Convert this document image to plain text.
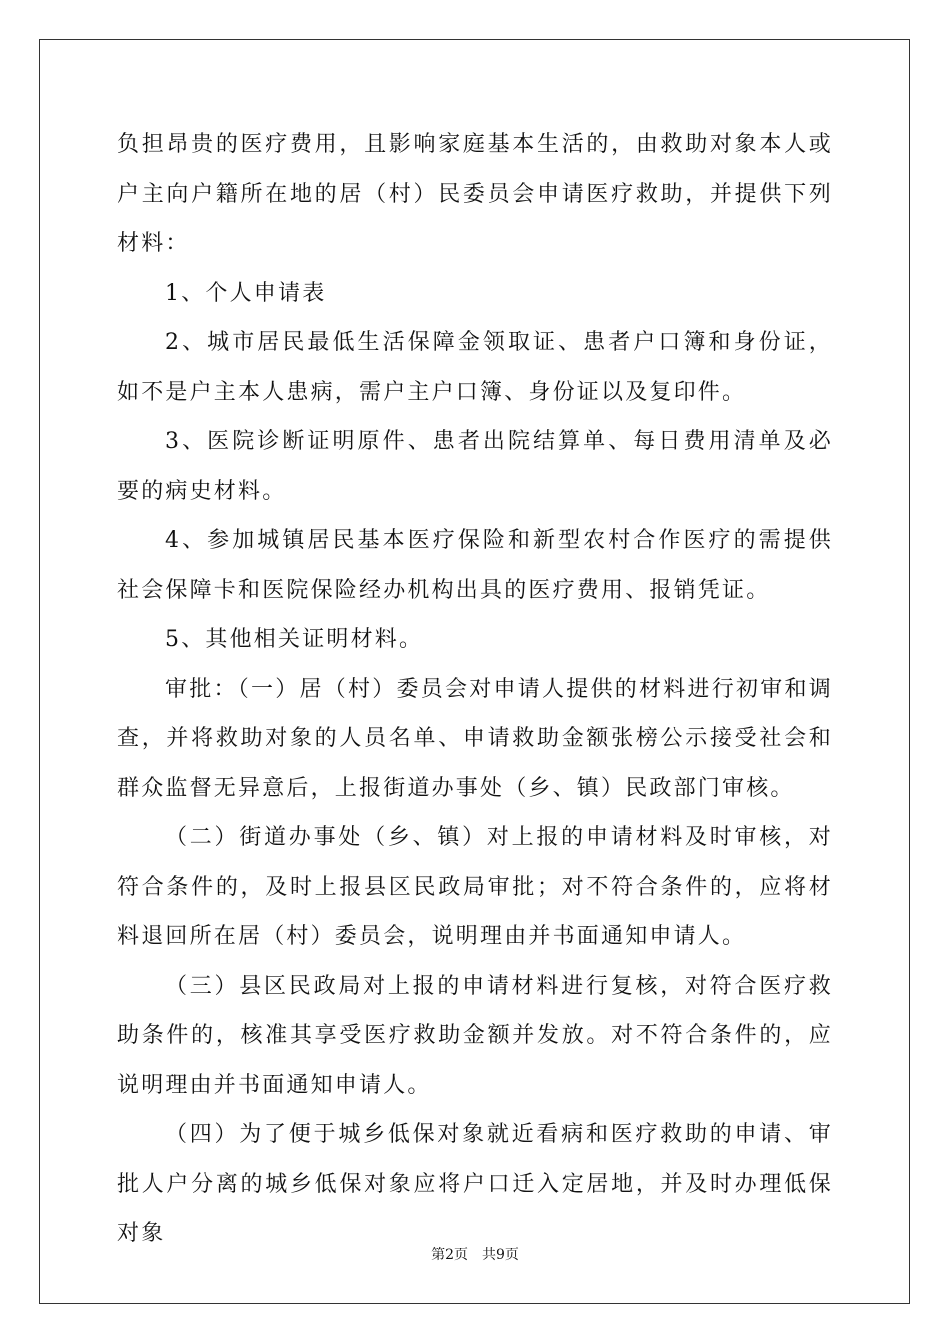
负担昂贵的医疗费用，且影响家庭基本生活的，由救助对象本人或户主向户籍所在地的居（村）民委员会申请医疗救助，并提供下列材料：

1、个人申请表

2、城市居民最低生活保障金领取证、患者户口簿和身份证，如不是户主本人患病，需户主户口簿、身份证以及复印件。

3、医院诊断证明原件、患者出院结算单、每日费用清单及必要的病史材料。

4、参加城镇居民基本医疗保险和新型农村合作医疗的需提供社会保障卡和医院保险经办机构出具的医疗费用、报销凭证。

5、其他相关证明材料。

审批：（一）居（村）委员会对申请人提供的材料进行初审和调查，并将救助对象的人员名单、申请救助金额张榜公示接受社会和群众监督无异意后，上报街道办事处（乡、镇）民政部门审核。

（二）街道办事处（乡、镇）对上报的申请材料及时审核，对符合条件的，及时上报县区民政局审批；对不符合条件的，应将材料退回所在居（村）委员会，说明理由并书面通知申请人。

（三）县区民政局对上报的申请材料进行复核，对符合医疗救助条件的，核准其享受医疗救助金额并发放。对不符合条件的，应说明理由并书面通知申请人。

（四）为了便于城乡低保对象就近看病和医疗救助的申请、审批人户分离的城乡低保对象应将户口迁入定居地，并及时办理低保对象

第2页 共9页
